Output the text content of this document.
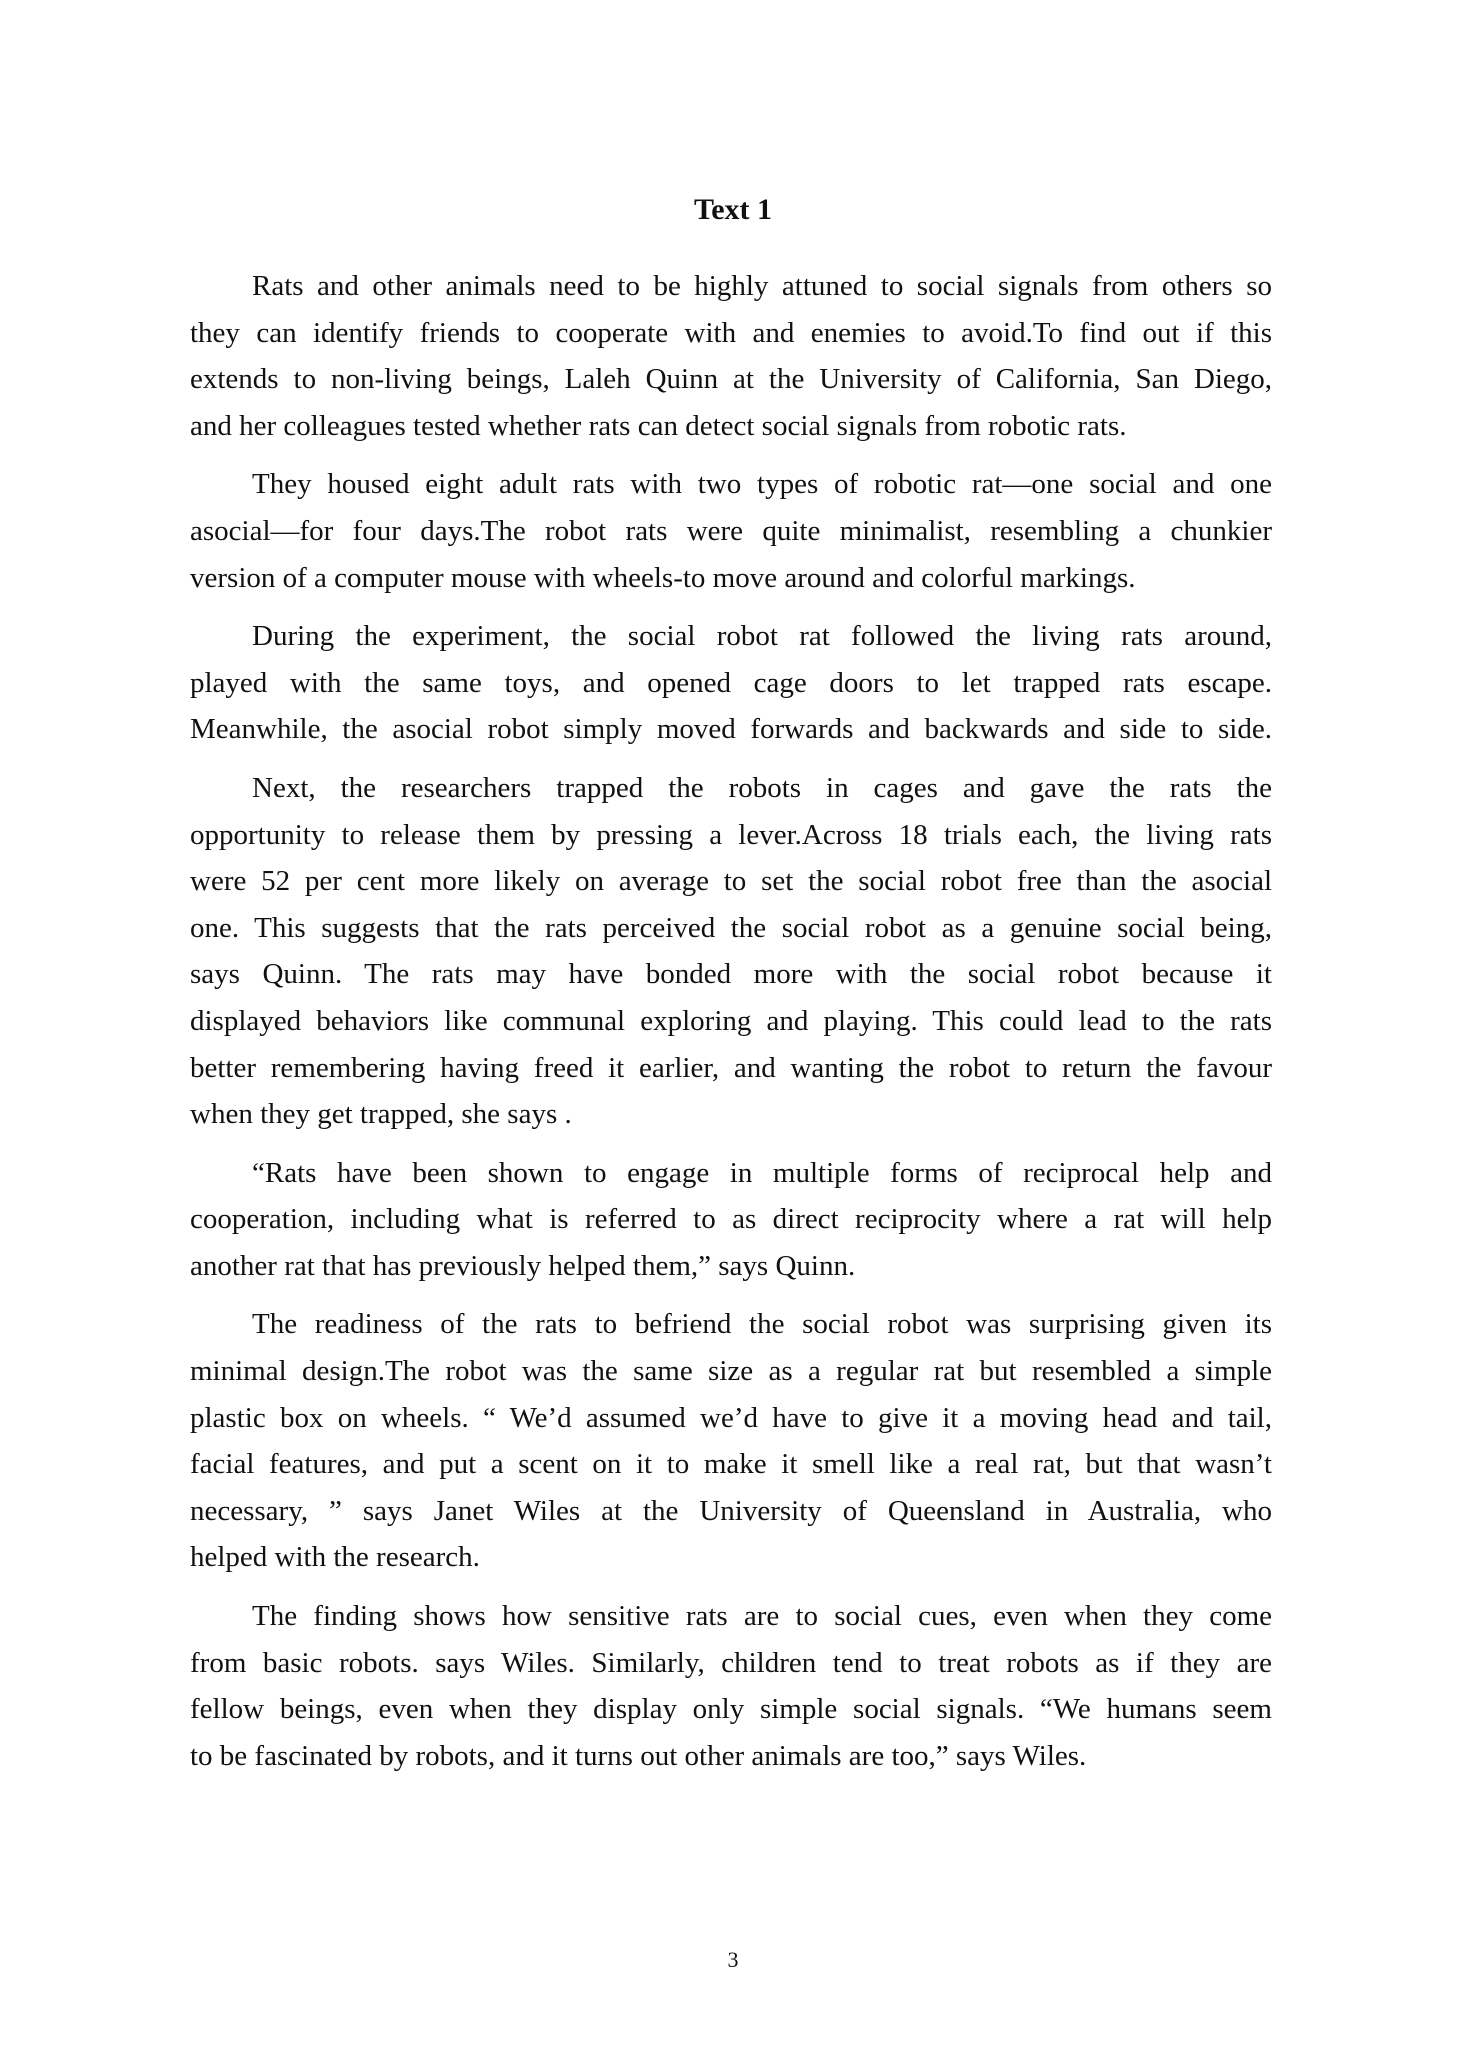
Text 1

Rats and other animals need to be highly attuned to social signals from others so
they can identify friends to cooperate with and enemies to avoid.To find out if this
extends to non-living beings, Laleh Quinn at the University of California, San Diego,
and her colleagues tested whether rats can detect social signals from robotic rats.

They housed eight adult rats with two types of robotic rat—one social and one
asocial—for four days.The robot rats were quite minimalist, resembling a chunkier
version of a computer mouse with wheels-to move around and colorful markings.

During the experiment, the social robot rat followed the living rats around,
played with the same toys, and opened cage doors to let trapped rats escape.
Meanwhile, the asocial robot simply moved forwards and backwards and side to side.

Next, the researchers trapped the robots in cages and gave the rats the
opportunity to release them by pressing a lever.Across 18 trials each, the living rats
were 52 per cent more likely on average to set the social robot free than the asocial
one. This suggests that the rats perceived the social robot as a genuine social being,
says Quinn. The rats may have bonded more with the social robot because it
displayed behaviors like communal exploring and playing. This could lead to the rats
better remembering having freed it earlier, and wanting the robot to return the favour
when they get trapped, she says .

“Rats have been shown to engage in multiple forms of reciprocal help and
cooperation, including what is referred to as direct reciprocity where a rat will help
another rat that has previously helped them,” says Quinn.

The readiness of the rats to befriend the social robot was surprising given its
minimal design.The robot was the same size as a regular rat but resembled a simple
plastic box on wheels. “ We’d assumed we’d have to give it a moving head and tail,
facial features, and put a scent on it to make it smell like a real rat, but that wasn’t
necessary, ” says Janet Wiles at the University of Queensland in Australia, who
helped with the research.

The finding shows how sensitive rats are to social cues, even when they come
from basic robots. says Wiles. Similarly, children tend to treat robots as if they are
fellow beings, even when they display only simple social signals. “We humans seem
to be fascinated by robots, and it turns out other animals are too,” says Wiles.

3
